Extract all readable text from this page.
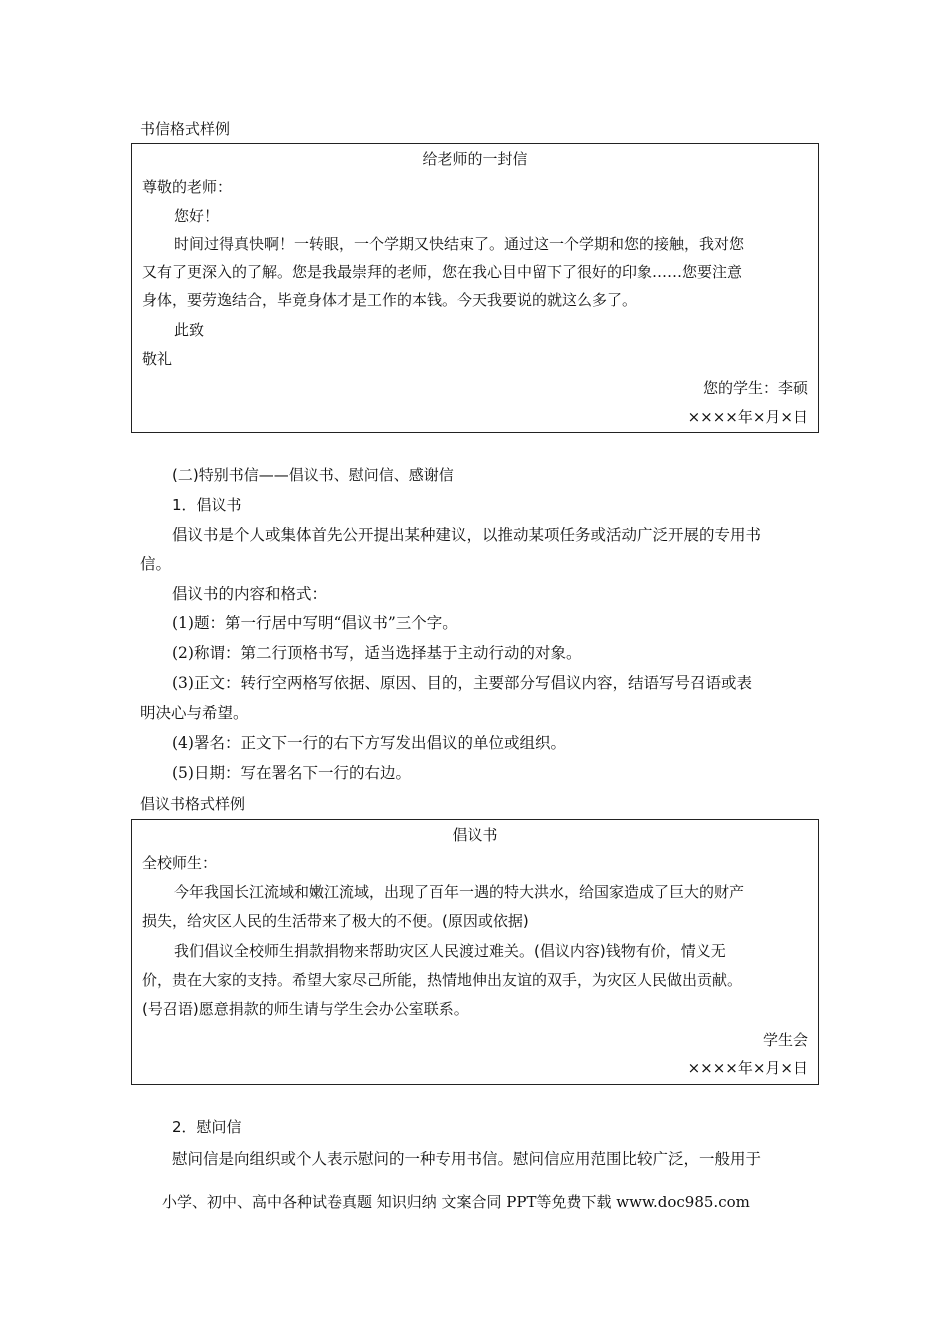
书信格式样例
给老师的一封信
尊敬的老师：
您好！
时间过得真快啊！一转眼，一个学期又快结束了。通过这一个学期和您的接触，我对您
又有了更深入的了解。您是我最崇拜的老师，您在我心目中留下了很好的印象……您要注意
身体，要劳逸结合，毕竟身体才是工作的本钱。今天我要说的就这么多了。
此致
敬礼
您的学生：李硕
××××年×月×日
(二)特别书信——倡议书、慰问信、感谢信
1．倡议书
倡议书是个人或集体首先公开提出某种建议，以推动某项任务或活动广泛开展的专用书
信。
倡议书的内容和格式：
(1)题：第一行居中写明“倡议书”三个字。
(2)称谓：第二行顶格书写，适当选择基于主动行动的对象。
(3)正文：转行空两格写依据、原因、目的，主要部分写倡议内容，结语写号召语或表
明决心与希望。
(4)署名：正文下一行的右下方写发出倡议的单位或组织。
(5)日期：写在署名下一行的右边。
倡议书格式样例
倡议书
全校师生：
今年我国长江流域和嫩江流域，出现了百年一遇的特大洪水，给国家造成了巨大的财产
损失，给灾区人民的生活带来了极大的不便。(原因或依据)
我们倡议全校师生捐款捐物来帮助灾区人民渡过难关。(倡议内容)钱物有价，情义无
价，贵在大家的支持。希望大家尽己所能，热情地伸出友谊的双手，为灾区人民做出贡献。
(号召语)愿意捐款的师生请与学生会办公室联系。
学生会
××××年×月×日
2．慰问信
慰问信是向组织或个人表示慰问的一种专用书信。慰问信应用范围比较广泛，一般用于
小学、初中、高中各种试卷真题 知识归纳 文案合同 PPT等免费下载 www.doc985.com
